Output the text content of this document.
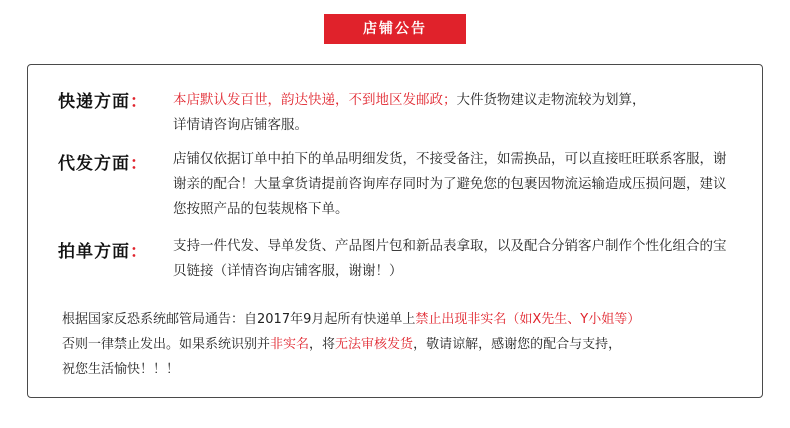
店铺公告
快递方面： 本店默认发百世，韵达快递，不到地区发邮政；大件货物建议走物流较为划算，
详情请咨询店铺客服。
代发方面： 店铺仅依据订单中拍下的单品明细发货，不接受备注，如需换品，可以直接旺旺联系客服，谢谢亲的配合！大量拿货请提前咨询库存同时为了避免您的包裹因物流运输造成压损问题，建议您按照产品的包装规格下单。
拍单方面： 支持一件代发、导单发货、产品图片包和新品表拿取，以及配合分销客户制作个性化组合的宝贝链接（详情咨询店铺客服，谢谢！）
根据国家反恐系统邮管局通告：自2017年9月起所有快递单上禁止出现非实名（如X先生、Y小姐等）
否则一律禁止发出。如果系统识别并非实名，将无法审核发货，敬请谅解，感谢您的配合与支持，
祝您生活愉快！！！
